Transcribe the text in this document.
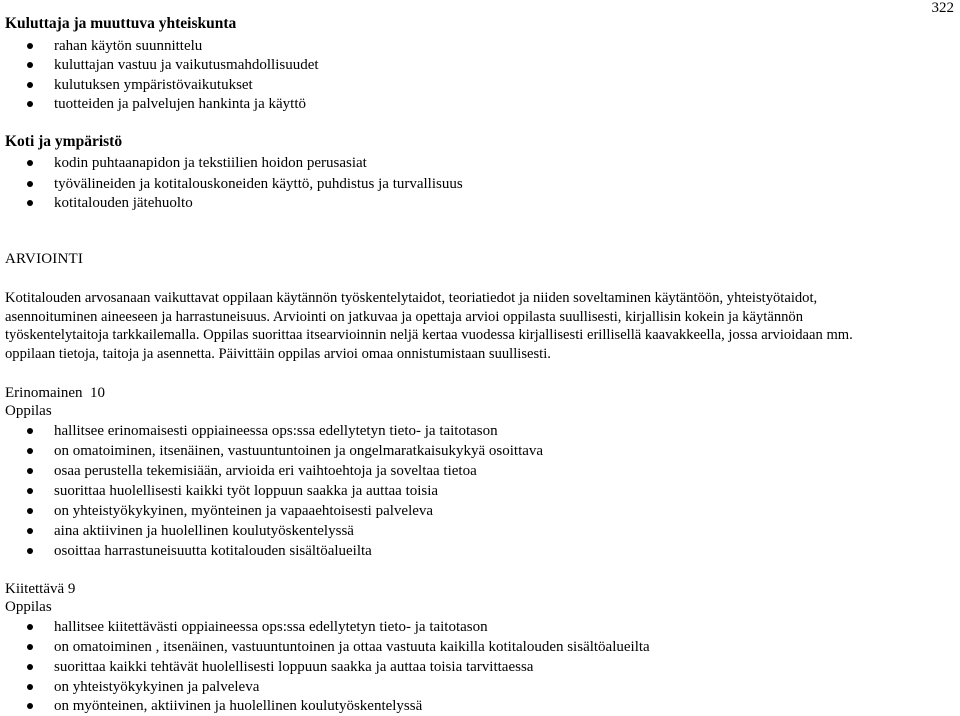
322
Kuluttaja ja muuttuva yhteiskunta
rahan käytön suunnittelu
kuluttajan vastuu ja vaikutusmahdollisuudet
kulutuksen ympäristövaikutukset
tuotteiden ja palvelujen hankinta ja käyttö
Koti ja ympäristö
kodin puhtaanapidon ja tekstiilien hoidon perusasiat
työvälineiden ja kotitalouskoneiden käyttö, puhdistus ja turvallisuus
kotitalouden jätehuolto
ARVIOINTI
Kotitalouden arvosanaan vaikuttavat oppilaan käytännön työskentelytaidot, teoriatiedot ja niiden soveltaminen käytäntöön, yhteistyötaidot,
asennoituminen aineeseen ja harrastuneisuus. Arviointi on jatkuvaa ja opettaja arvioi oppilasta suullisesti, kirjallisin kokein ja käytännön
työskentelytaitoja tarkkailemalla. Oppilas suorittaa itsearvioinnin neljä kertaa vuodessa kirjallisesti erillisellä kaavakkeella, jossa arvioidaan mm.
oppilaan tietoja, taitoja ja asennetta. Päivittäin oppilas arvioi omaa onnistumistaan suullisesti.
Erinomainen  10
Oppilas
hallitsee erinomaisesti oppiaineessa ops:ssa edellytetyn tieto- ja taitotason
on omatoiminen, itsenäinen, vastuuntuntoinen ja ongelmaratkaisukykyä osoittava
osaa perustella tekemisiään, arvioida eri vaihtoehtoja ja soveltaa tietoa
suorittaa huolellisesti kaikki työt loppuun saakka ja auttaa toisia
on yhteistyökykyinen, myönteinen ja vapaaehtoisesti palveleva
aina aktiivinen ja huolellinen koulutyöskentelyssä
osoittaa harrastuneisuutta kotitalouden sisältöalueilta
Kiitettävä 9
Oppilas
hallitsee kiitettävästi oppiaineessa ops:ssa edellytetyn tieto- ja taitotason
on omatoiminen , itsenäinen, vastuuntuntoinen ja ottaa vastuuta kaikilla kotitalouden sisältöalueilta
suorittaa kaikki tehtävät huolellisesti loppuun saakka ja auttaa toisia tarvittaessa
on yhteistyökykyinen ja palveleva
on myönteinen, aktiivinen ja huolellinen koulutyöskentelyssä
